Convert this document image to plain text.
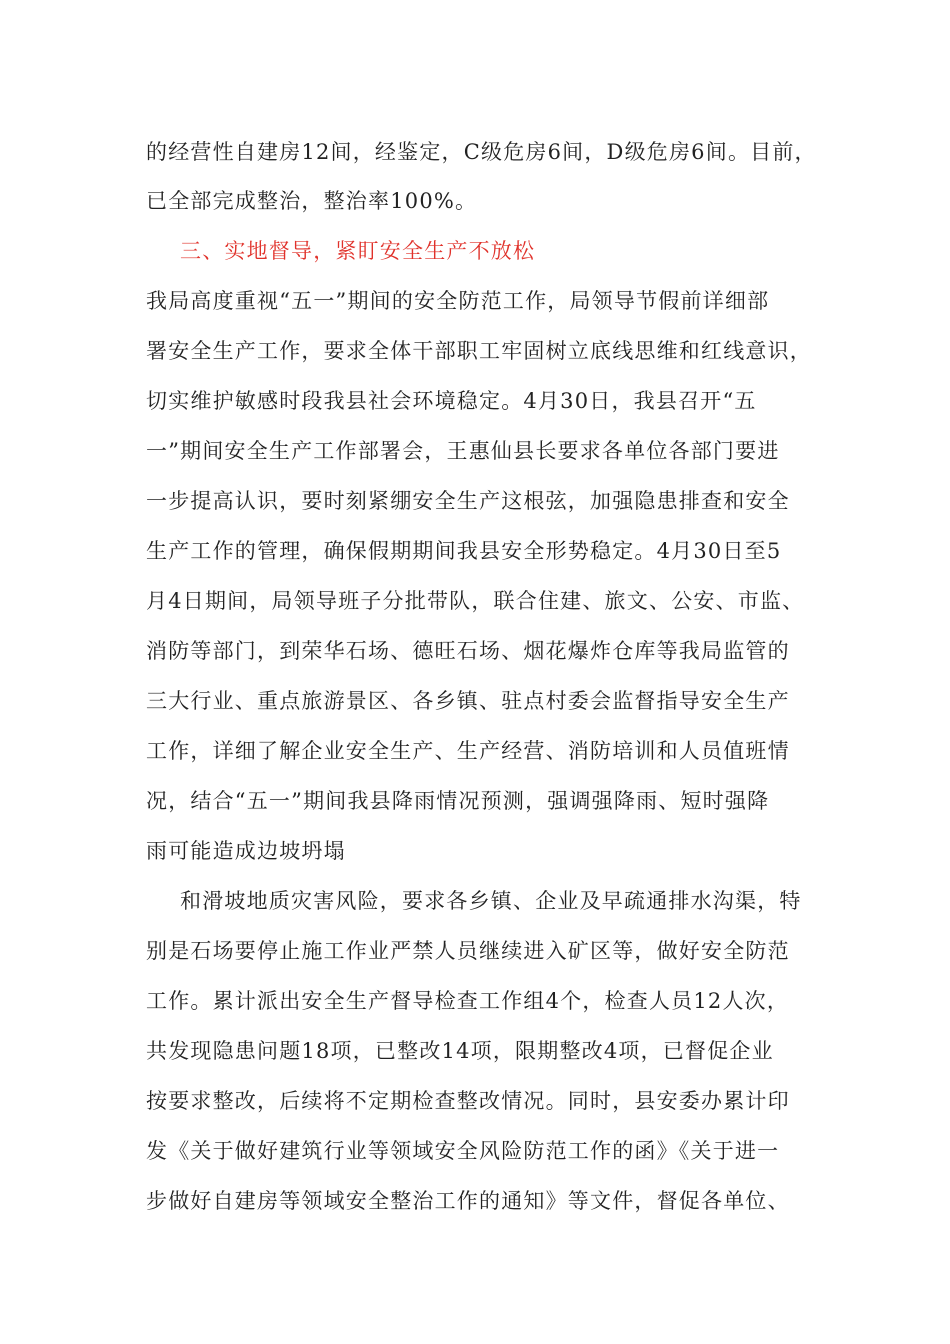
的经营性自建房12间，经鉴定，C级危房6间，D级危房6间。目前，
已全部完成整治，整治率100%。
三、实地督导，紧盯安全生产不放松
我局高度重视“五一”期间的安全防范工作，局领导节假前详细部
署安全生产工作，要求全体干部职工牢固树立底线思维和红线意识，
切实维护敏感时段我县社会环境稳定。4月30日，我县召开“五
一”期间安全生产工作部署会，王惠仙县长要求各单位各部门要进
一步提高认识，要时刻紧绷安全生产这根弦，加强隐患排查和安全
生产工作的管理，确保假期期间我县安全形势稳定。4月30日至5
月4日期间，局领导班子分批带队，联合住建、旅文、公安、市监、
消防等部门，到荣华石场、德旺石场、烟花爆炸仓库等我局监管的
三大行业、重点旅游景区、各乡镇、驻点村委会监督指导安全生产
工作，详细了解企业安全生产、生产经营、消防培训和人员值班情
况，结合“五一”期间我县降雨情况预测，强调强降雨、短时强降
雨可能造成边坡坍塌
和滑坡地质灾害风险，要求各乡镇、企业及早疏通排水沟渠，特
别是石场要停止施工作业严禁人员继续进入矿区等，做好安全防范
工作。累计派出安全生产督导检查工作组4个，检查人员12人次，
共发现隐患问题18项，已整改14项，限期整改4项，已督促企业
按要求整改，后续将不定期检查整改情况。同时，县安委办累计印
发《关于做好建筑行业等领域安全风险防范工作的函》《关于进一
步做好自建房等领域安全整治工作的通知》等文件，督促各单位、
